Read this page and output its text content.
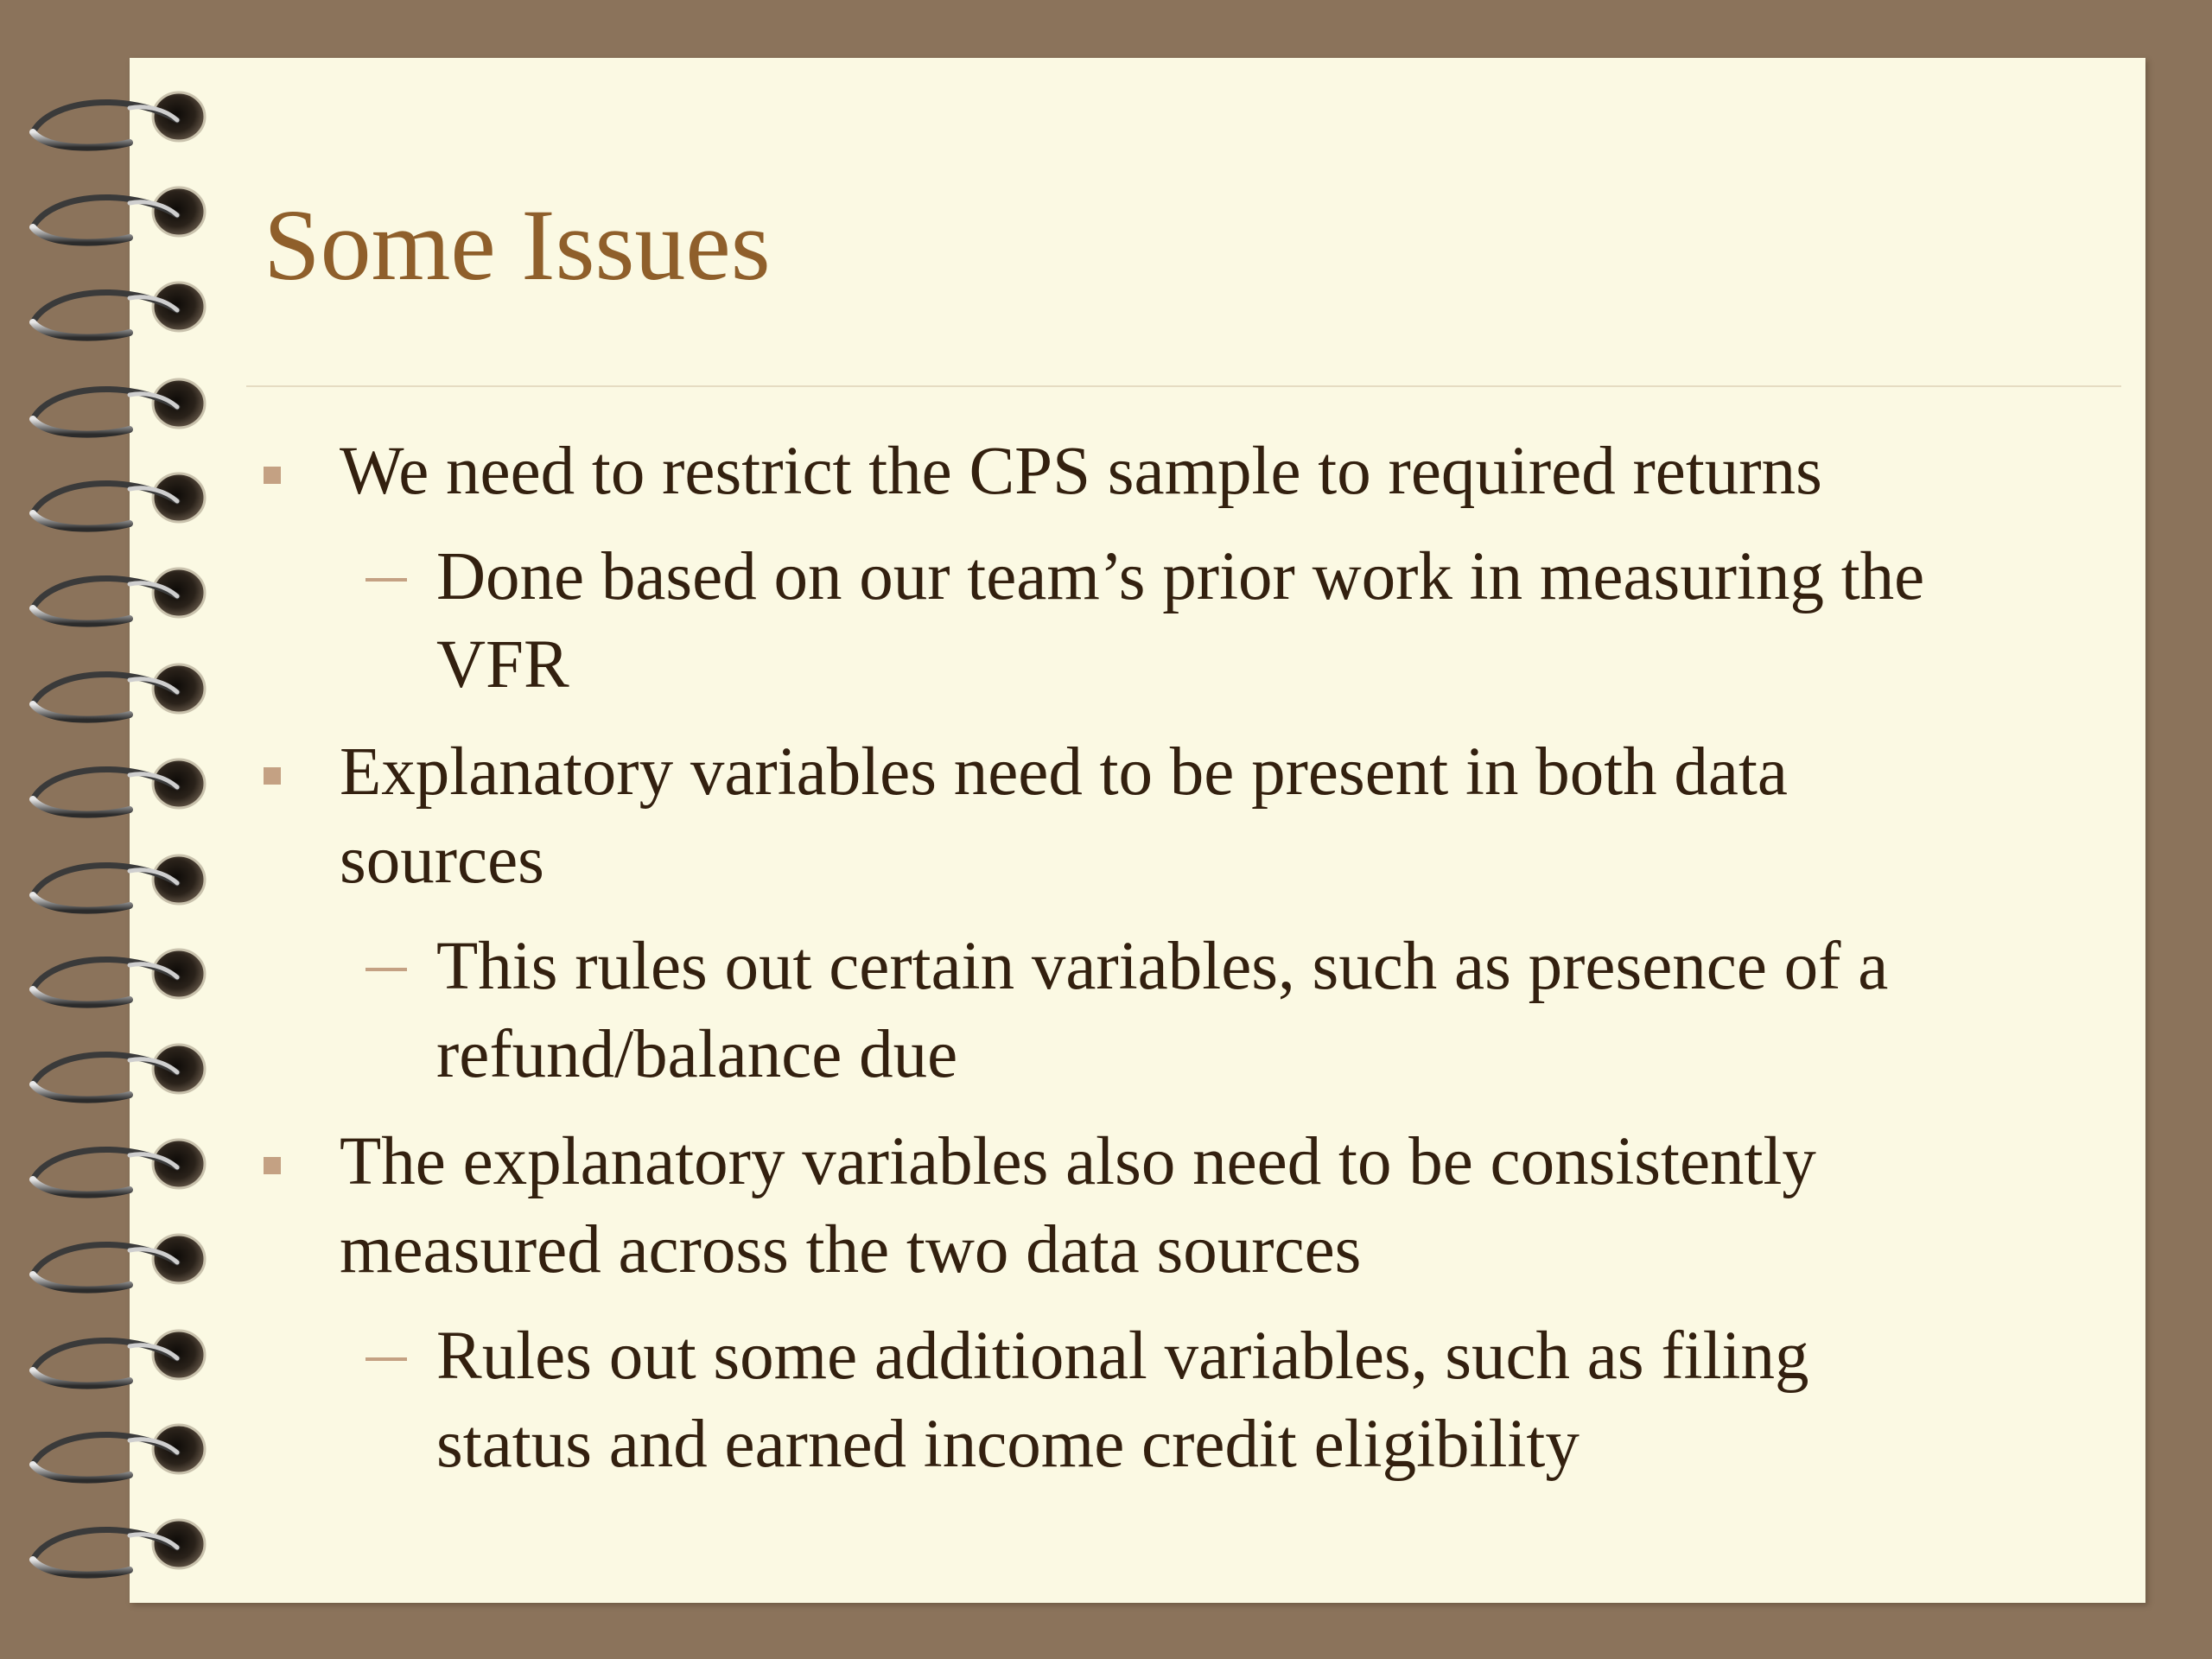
Some Issues
We need to restrict the CPS sample to required returns
Done based on our team’s prior work in measuring the
VFR
Explanatory variables need to be present in both data
sources
This rules out certain variables, such as presence of a
refund/balance due
The explanatory variables also need to be consistently
measured across the two data sources
Rules out some additional variables, such as filing
status and earned income credit eligibility
